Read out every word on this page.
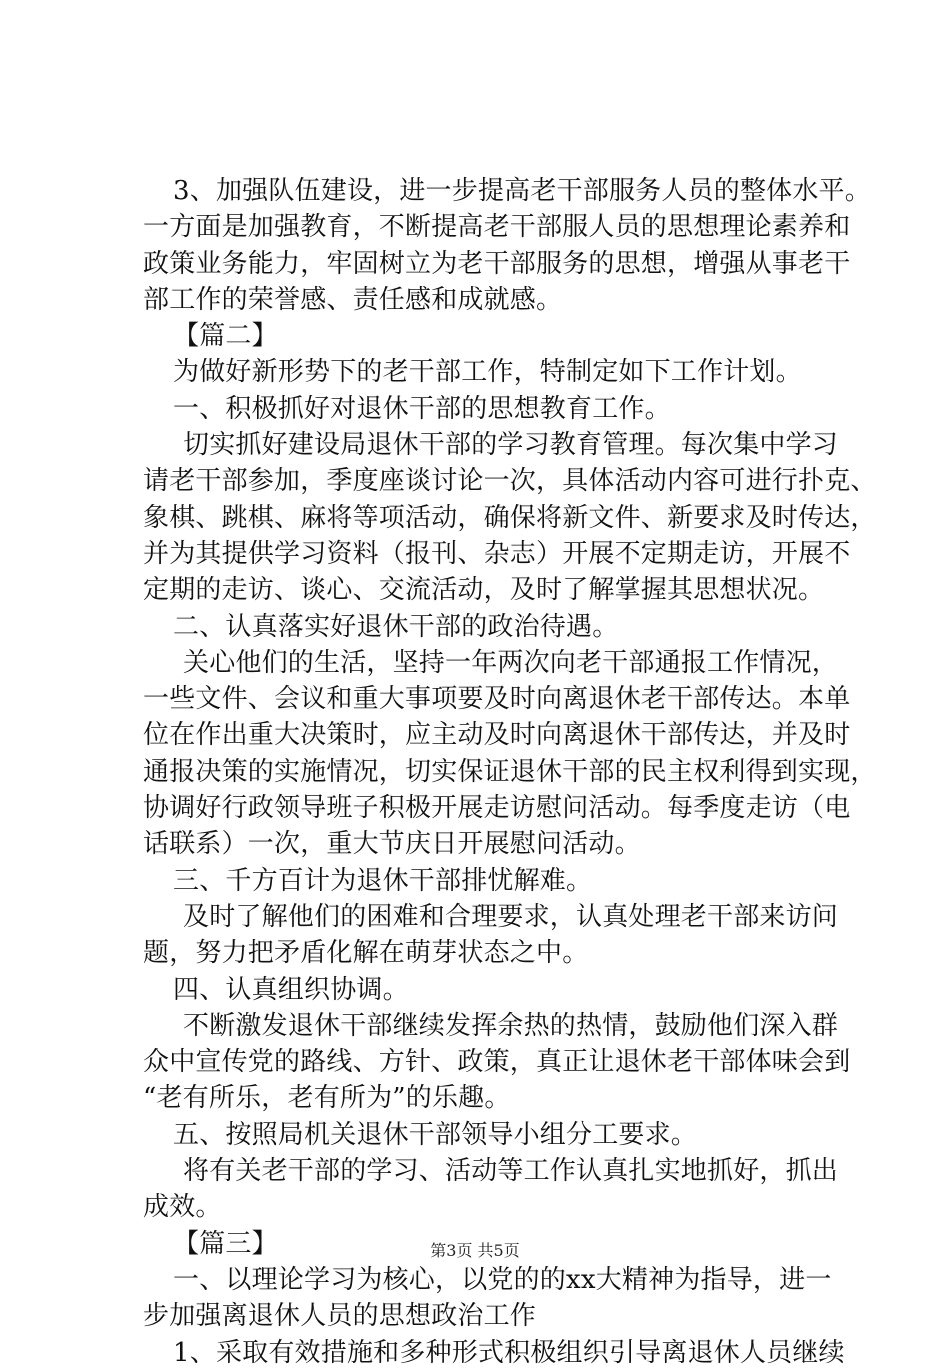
3、加强队伍建设，进一步提高老干部服务人员的整体水平。
一方面是加强教育，不断提高老干部服人员的思想理论素养和
政策业务能力，牢固树立为老干部服务的思想，增强从事老干
部工作的荣誉感、责任感和成就感。
【篇二】
为做好新形势下的老干部工作，特制定如下工作计划。
一、积极抓好对退休干部的思想教育工作。
切实抓好建设局退休干部的学习教育管理。每次集中学习
请老干部参加，季度座谈讨论一次，具体活动内容可进行扑克、
象棋、跳棋、麻将等项活动，确保将新文件、新要求及时传达，
并为其提供学习资料（报刊、杂志）开展不定期走访，开展不
定期的走访、谈心、交流活动，及时了解掌握其思想状况。
二、认真落实好退休干部的政治待遇。
关心他们的生活，坚持一年两次向老干部通报工作情况，
一些文件、会议和重大事项要及时向离退休老干部传达。本单
位在作出重大决策时，应主动及时向离退休干部传达，并及时
通报决策的实施情况，切实保证退休干部的民主权利得到实现，
协调好行政领导班子积极开展走访慰问活动。每季度走访（电
话联系）一次，重大节庆日开展慰问活动。
三、千方百计为退休干部排忧解难。
及时了解他们的困难和合理要求，认真处理老干部来访问
题，努力把矛盾化解在萌芽状态之中。
四、认真组织协调。
不断激发退休干部继续发挥余热的热情，鼓励他们深入群
众中宣传党的路线、方针、政策，真正让退休老干部体味会到
“老有所乐，老有所为”的乐趣。
五、按照局机关退休干部领导小组分工要求。
将有关老干部的学习、活动等工作认真扎实地抓好，抓出
成效。
【篇三】
一、以理论学习为核心，以党的的xx大精神为指导，进一
步加强离退休人员的思想政治工作
1、采取有效措施和多种形式积极组织引导离退休人员继续
第3页 共5页
